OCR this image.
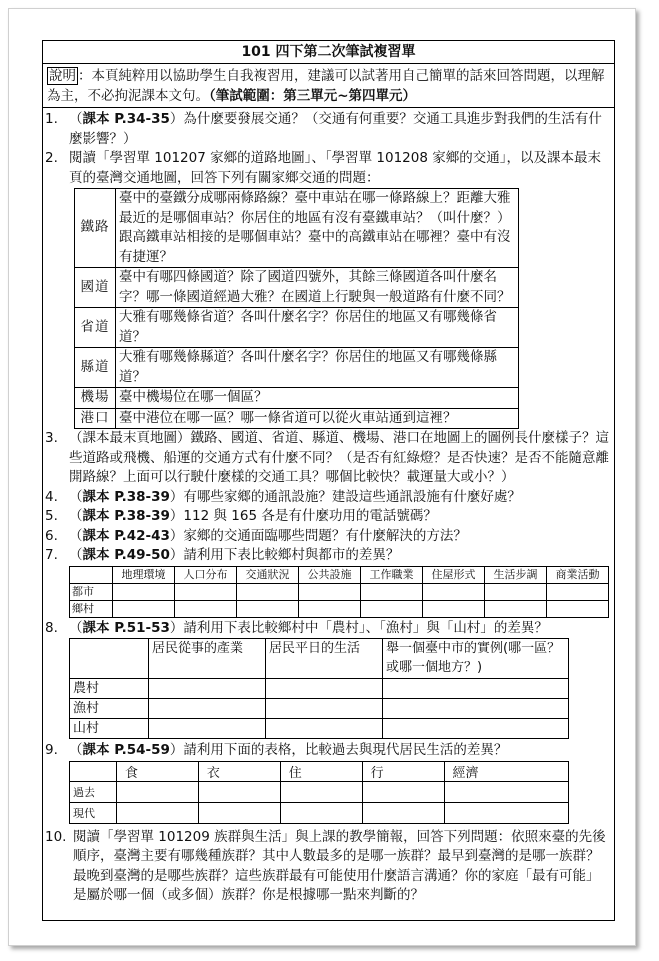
101 四下第二次筆試複習單
說明 ：本頁純粹用以協助學生自我複習用，建議可以試著用自己簡單的話來回答問題，以理解為主，不必拘泥課本文句。（筆試範圍：第三單元~第四單元）
1. （課本 P.34-35）為什麼要發展交通？（交通有何重要？交通工具進步對我們的生活有什麼影響？）
2. 閱讀「學習單 101207 家鄉的道路地圖」、「學習單 101208 家鄉的交通」，以及課本最末頁的臺灣交通地圖，回答下列有關家鄉交通的問題：
鐵路	臺中的臺鐵分成哪兩條路線？臺中車站在哪一條路線上？距離大雅最近的是哪個車站？你居住的地區有沒有臺鐵車站？（叫什麼？）跟高鐵車站相接的是哪個車站？臺中的高鐵車站在哪裡？臺中有沒有捷運？
國道	臺中有哪四條國道？除了國道四號外，其餘三條國道各叫什麼名字？哪一條國道經過大雅？在國道上行駛與一般道路有什麼不同？
省道	大雅有哪幾條省道？各叫什麼名字？你居住的地區又有哪幾條省道？
縣道	大雅有哪幾條縣道？各叫什麼名字？你居住的地區又有哪幾條縣道？
機場	臺中機場位在哪一個區？
港口	臺中港位在哪一區？哪一條省道可以從火車站通到這裡？
3. （課本最末頁地圖）鐵路、國道、省道、縣道、機場、港口在地圖上的圖例長什麼樣子？這些道路或飛機、船運的交通方式有什麼不同？（是否有紅綠燈？是否快速？是否不能隨意離開路線？上面可以行駛什麼樣的交通工具？哪個比較快？載運量大或小？）
4. （課本 P.38-39）有哪些家鄉的通訊設施？建設這些通訊設施有什麼好處？
5. （課本 P.38-39）112 與 165 各是有什麼功用的電話號碼？
6. （課本 P.42-43）家鄉的交通面臨哪些問題？有什麼解決的方法？
7. （課本 P.49-50）請利用下表比較鄉村與都市的差異？
	地理環境	人口分布	交通狀況	公共設施	工作職業	住屋形式	生活步調	商業活動
都市								
鄉村								
8. （課本 P.51-53）請利用下表比較鄉村中「農村」、「漁村」與「山村」的差異？
	居民從事的產業	居民平日的生活	舉一個臺中市的實例(哪一區？或哪一個地方？)
農村			
漁村			
山村			
9. （課本 P.54-59）請利用下面的表格，比較過去與現代居民生活的差異？
	食	衣	住	行	經濟
過去					
現代					
10. 閱讀「學習單 101209 族群與生活」與上課的教學簡報，回答下列問題：依照來臺的先後順序，臺灣主要有哪幾種族群？其中人數最多的是哪一族群？最早到臺灣的是哪一族群？最晚到臺灣的是哪些族群？這些族群最有可能使用什麼語言溝通？你的家庭「最有可能」是屬於哪一個（或多個）族群？你是根據哪一點來判斷的？
